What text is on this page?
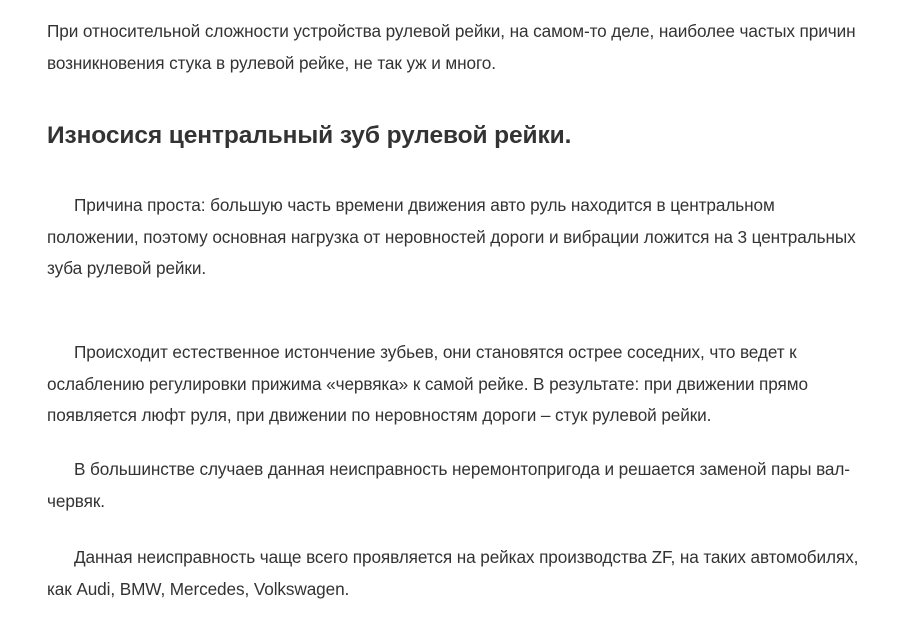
При относительной сложности устройства рулевой рейки, на самом-то деле, наиболее частых причин возникновения стука в рулевой рейке, не так уж и много.

Износися центральный зуб рулевой рейки.

Причина проста: большую часть времени движения авто руль находится в центральном положении, поэтому основная нагрузка от неровностей дороги и вибрации ложится на 3 центральных зуба рулевой рейки.

Происходит естественное истончение зубьев, они становятся острее соседних, что ведет к ослаблению регулировки прижима «червяка» к самой рейке. В результате: при движении прямо появляется люфт руля, при движении по неровностям дороги – стук рулевой рейки.

В большинстве случаев данная неисправность неремонтопригода и решается заменой пары вал-червяк.

Данная неисправность чаще всего проявляется на рейках производства ZF, на таких автомобилях, как Audi, BMW, Mercedes, Volkswagen.
